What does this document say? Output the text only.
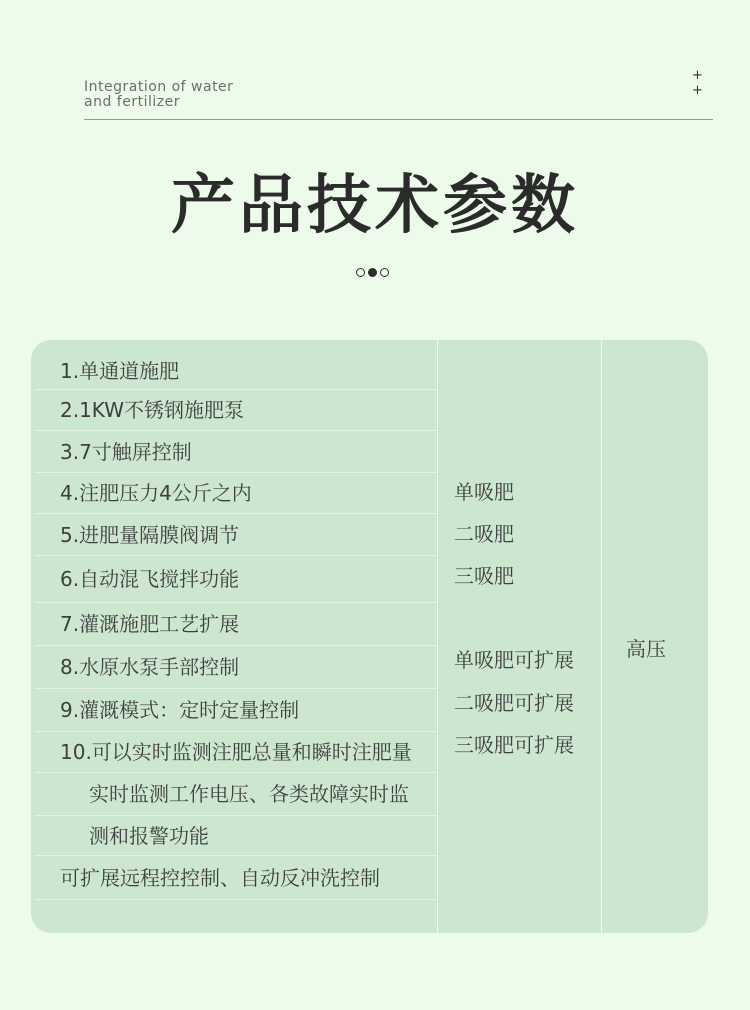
Integration of water
and fertilizer
+
+
产品技术参数
1.单通道施肥
2.1KW不锈钢施肥泵
3.7寸触屏控制
4.注肥压力4公斤之内
5.进肥量隔膜阀调节
6.自动混飞搅拌功能
7.灌溉施肥工艺扩展
8.水原水泵手部控制
9.灌溉模式：定时定量控制
10.可以实时监测注肥总量和瞬时注肥量
实时监测工作电压、各类故障实时监
测和报警功能
可扩展远程控控制、自动反冲洗控制
单吸肥
二吸肥
三吸肥
单吸肥可扩展
二吸肥可扩展
三吸肥可扩展
高压
